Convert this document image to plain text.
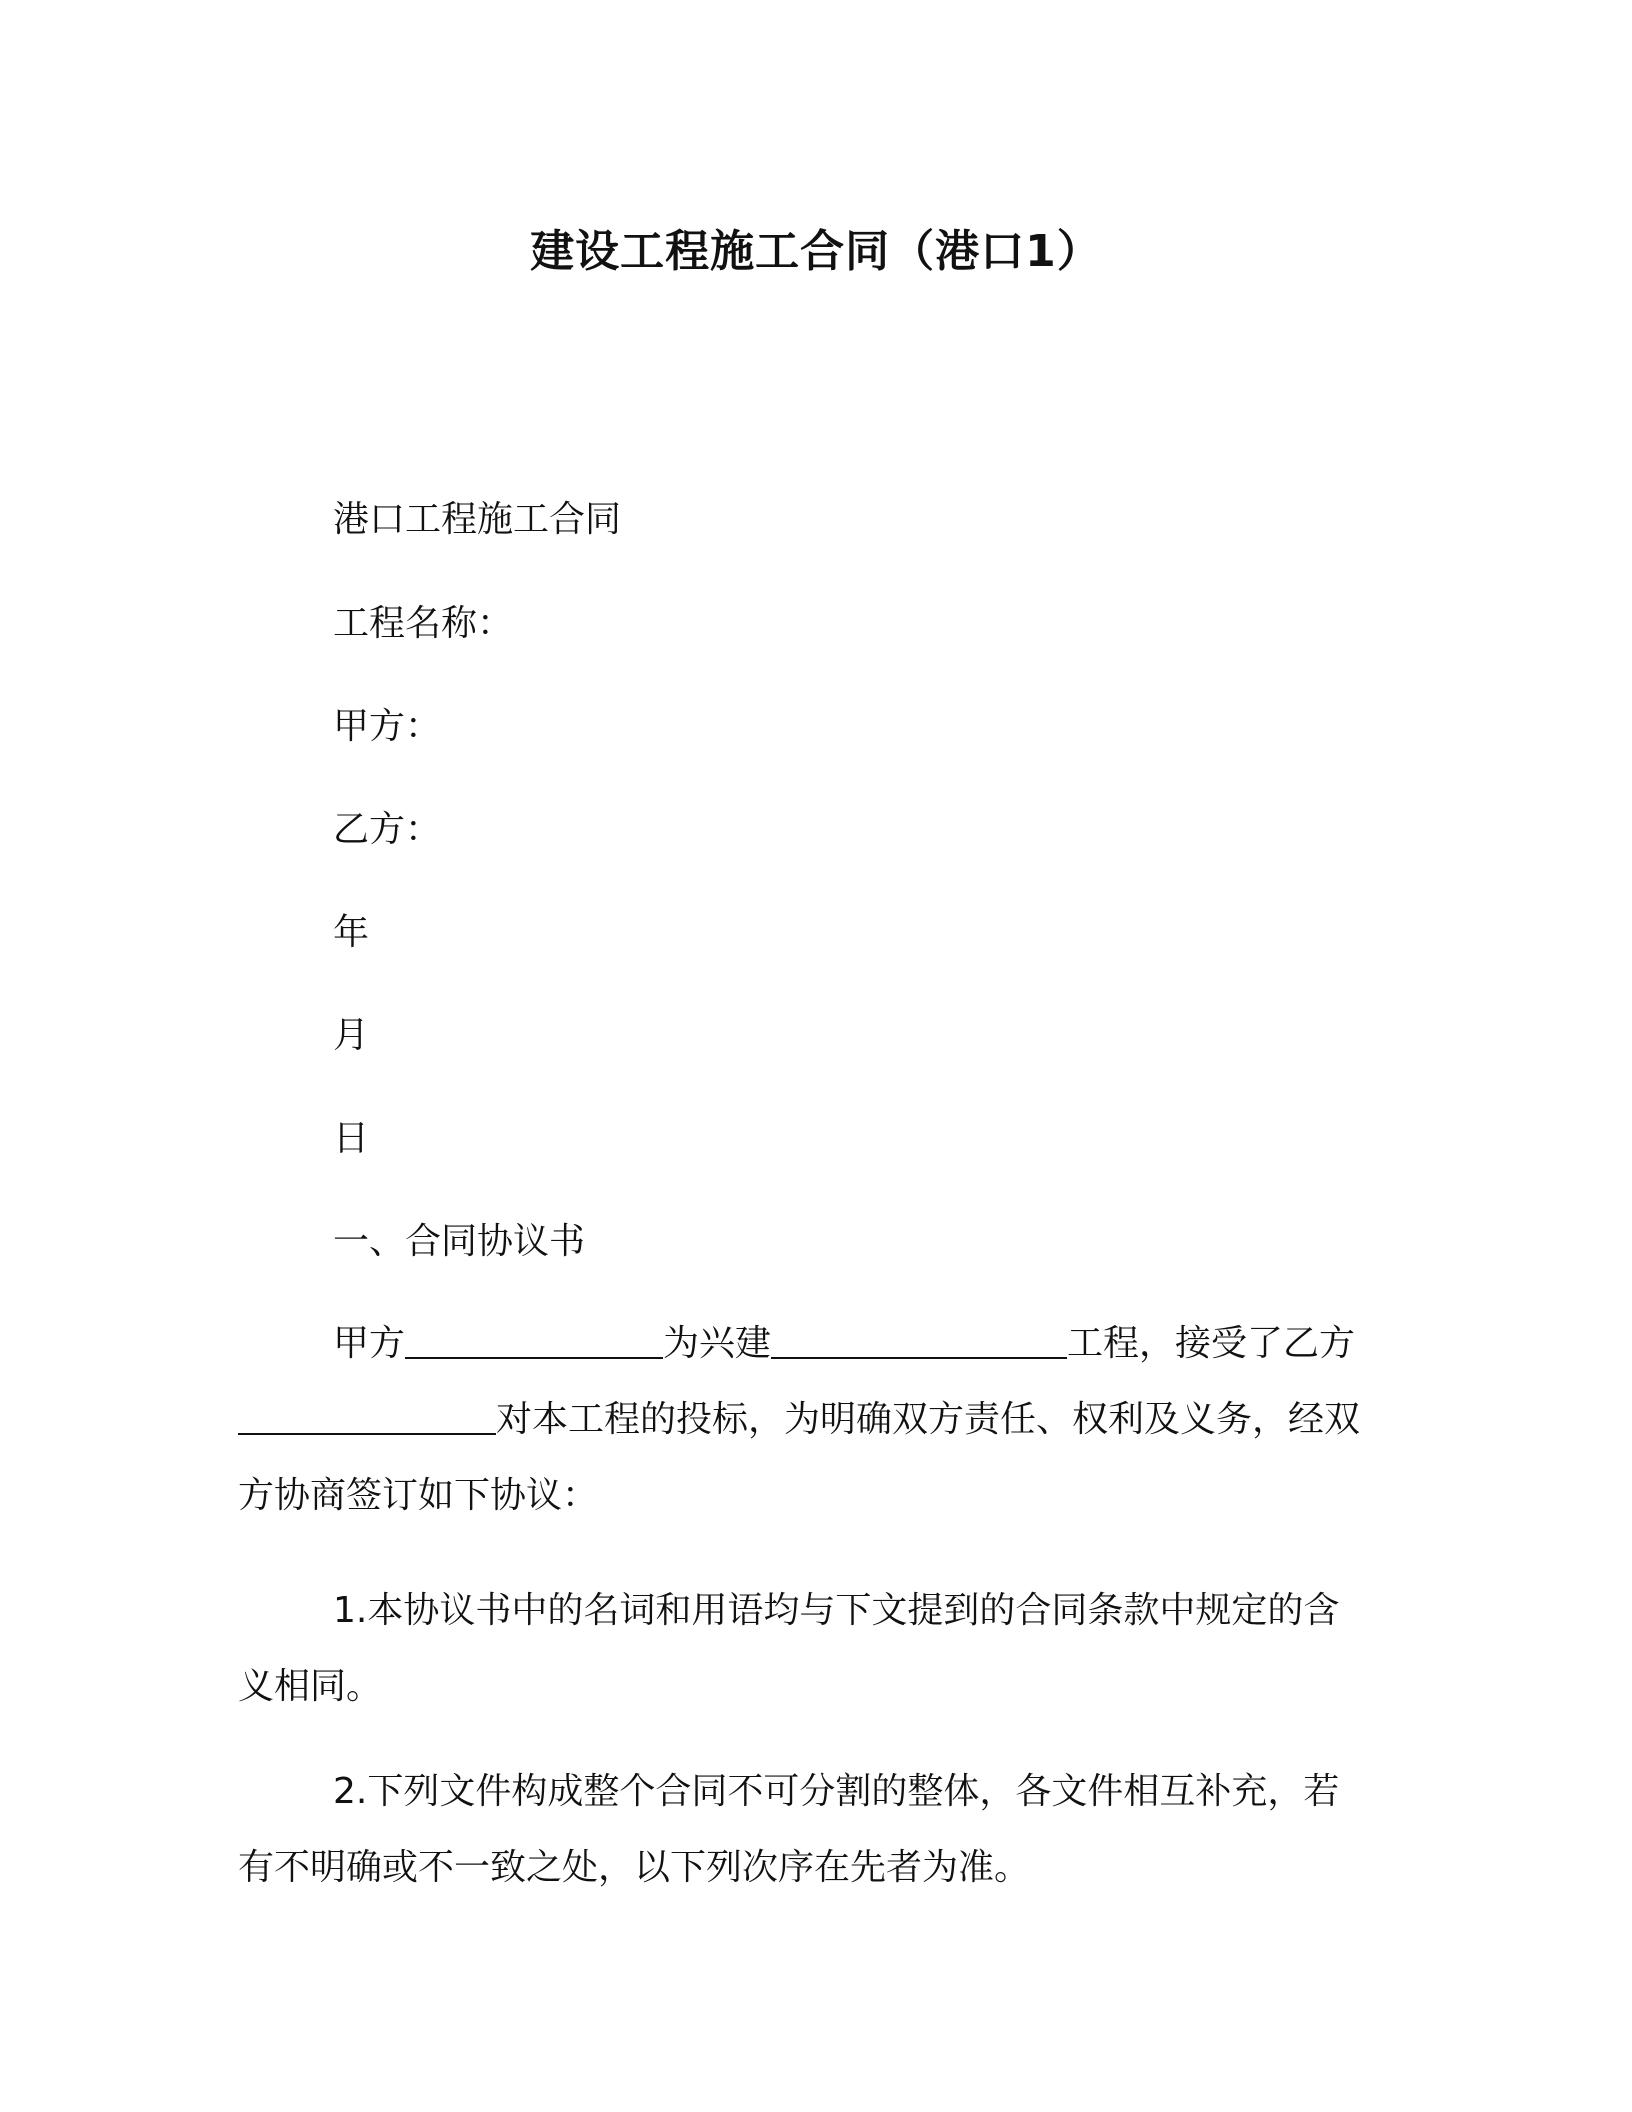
建设工程施工合同（港口1）
港口工程施工合同
工程名称：
甲方：
乙方：
年
月
日
一、合同协议书
甲方	为兴建	工程，接受了乙方对本工程的投标，为明确双方责任、权利及义务，经双方协商签订如下协议：
1.本协议书中的名词和用语均与下文提到的合同条款中规定的含义相同。
2.下列文件构成整个合同不可分割的整体，各文件相互补充，若有不明确或不一致之处，以下列次序在先者为准。
